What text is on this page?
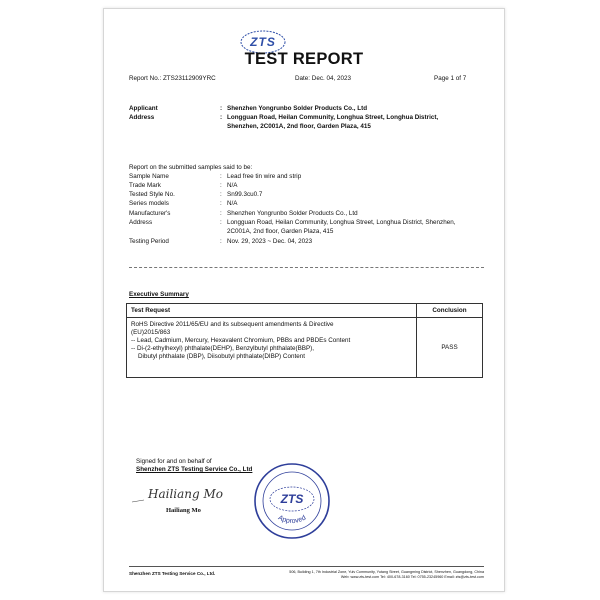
ZTS
TEST REPORT
Report No.: ZTS23112909YRC	Date: Dec. 04, 2023	Page 1 of 7
Applicant	: Shenzhen Yongrunbo Solder Products Co., Ltd
Address	: Longguan Road, Heilan Community, Longhua Street, Longhua District,
Shenzhen, 2C001A, 2nd floor, Garden Plaza, 415
Report on the submitted samples said to be:
Sample Name	: Lead free tin wire and strip
Trade Mark	: N/A
Tested Style No.	: Sn99.3cu0.7
Series models	: N/A
Manufacturer's	: Shenzhen Yongrunbo Solder Products Co., Ltd
Address	: Longguan Road, Heilan Community, Longhua Street, Longhua District, Shenzhen,
2C001A, 2nd floor, Garden Plaza, 415
Testing Period	: Nov. 29, 2023 ~ Dec. 04, 2023
Executive Summary
Test Request	Conclusion

RoHS Directive 2011/65/EU and its subsequent amendments & Directive
(EU)2015/863
-- Lead, Cadmium, Mercury, Hexavalent Chromium, PBBs and PBDEs Content
-- Di-(2-ethylhexyl) phthalate(DEHP), Benzylbutyl phthalate(BBP),
Dibutyl phthalate (DBP), Diisobutyl phthalate(DIBP) Content	PASS
Signed for and on behalf of
Shenzhen ZTS Testing Service Co., Ltd
Hailiang Mo
Hailiang Mo
ZTS
Approved
Shenzhen ZTS Testing Service Co., Ltd.	506, Building 1, 7th Industrial Zone, Yulv Community, Yutang Street, Guangming District, Shenzhen, Guangdong, China
Web: www.zts-test.com Tel: 400-678-3160 Tel: 0755-23245960 Email: zts@zts-test.com
